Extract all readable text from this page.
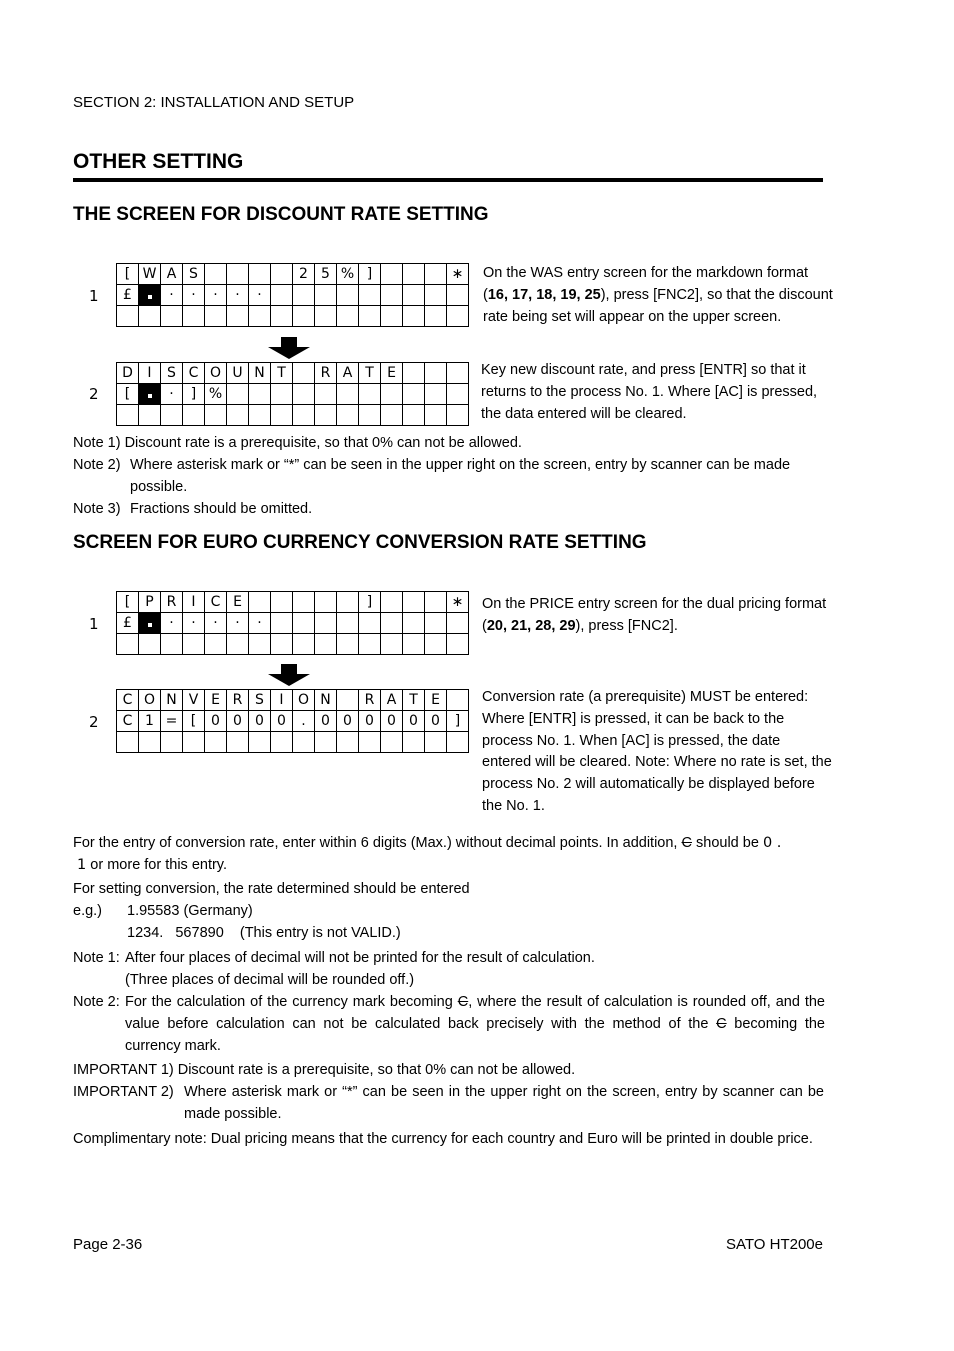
SECTION 2: INSTALLATION AND SETUP
OTHER SETTING
THE SCREEN FOR DISCOUNT RATE SETTING
1
[	W	A	S					2	5	%	]				∗
£		·	·	·	·	·									

2
D	I	S	C	O	U	N	T		R	A	T	E			
[		·	]	%											

On the WAS entry screen for the markdown format (16, 17, 18, 19, 25), press [FNC2], so that the discount rate being set will appear on the upper screen.
Key new discount rate, and press [ENTR] so that it returns to the process No. 1. Where [AC] is pressed, the data entered will be cleared.
Note 1) Discount rate is a prerequisite, so that 0% can not be allowed.
Note 2) Where asterisk mark or “*” can be seen in the upper right on the screen, entry by scanner can be made possible.
Note 3) Fractions should be omitted.
SCREEN FOR EURO CURRENCY CONVERSION RATE SETTING
1
[	P	R	I	C	E						]				∗
£		·	·	·	·	·									

2
C	O	N	V	E	R	S	I	O	N		R	A	T	E	
C	1	=	[	0	0	0	0	.	0	0	0	0	0	0	]

On the PRICE entry screen for the dual pricing format (20, 21, 28, 29), press [FNC2].
Conversion rate (a prerequisite) MUST be entered: Where [ENTR] is pressed, it can be back to the process No. 1. When [AC] is pressed, the date entered will be cleared. Note: Where no rate is set, the process No. 2 will automatically be displayed before the No. 1.
For the entry of conversion rate, enter within 6 digits (Max.) without decimal points. In addition, C should be 0 .
1 or more for this entry.
For setting conversion, the rate determined should be entered
e.g.) 1.95583 (Germany)
1234.   567890    (This entry is not VALID.)
Note 1: After four places of decimal will not be printed for the result of calculation.
(Three places of decimal will be rounded off.)
Note 2: For the calculation of the currency mark becoming C, where the result of calculation is rounded off, and the value before calculation can not be calculated back precisely with the method of the C becoming the currency mark.
IMPORTANT 1) Discount rate is a prerequisite, so that 0% can not be allowed.
IMPORTANT 2) Where asterisk mark or “*” can be seen in the upper right on the screen, entry by scanner can be made possible.
Complimentary note: Dual pricing means that the currency for each country and Euro will be printed in double price.
Page 2-36	SATO HT200e
